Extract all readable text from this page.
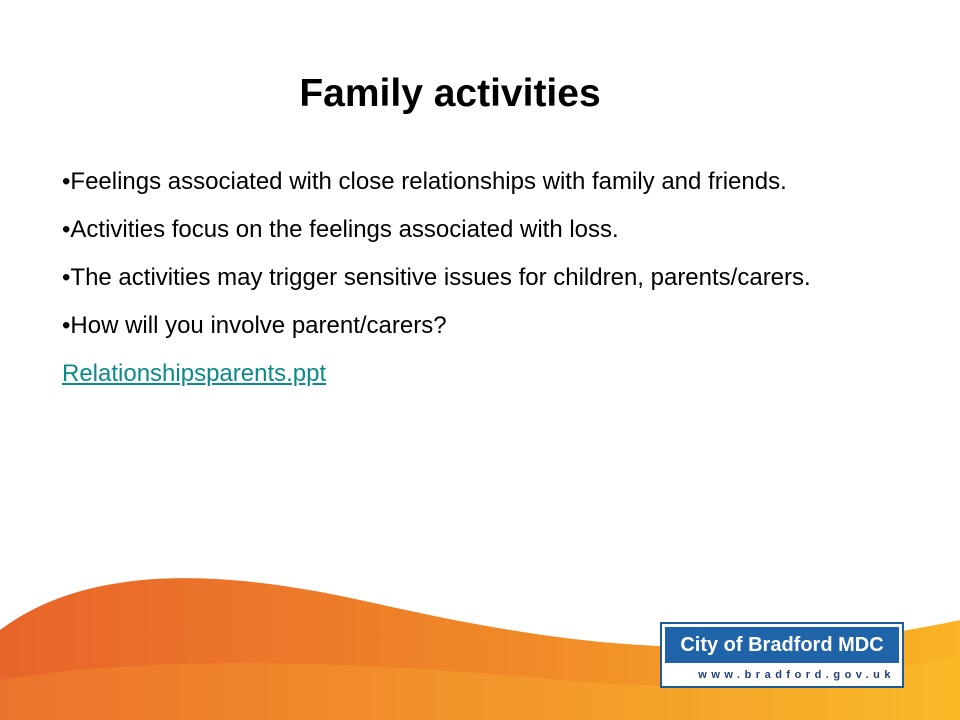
Family activities
•Feelings associated with close relationships with family and friends.
•Activities focus on the feelings associated with loss.
•The activities may trigger sensitive issues for children, parents/carers.
•How will you involve parent/carers?
Relationshipsparents.ppt
City of Bradford MDC
www.bradford.gov.uk
